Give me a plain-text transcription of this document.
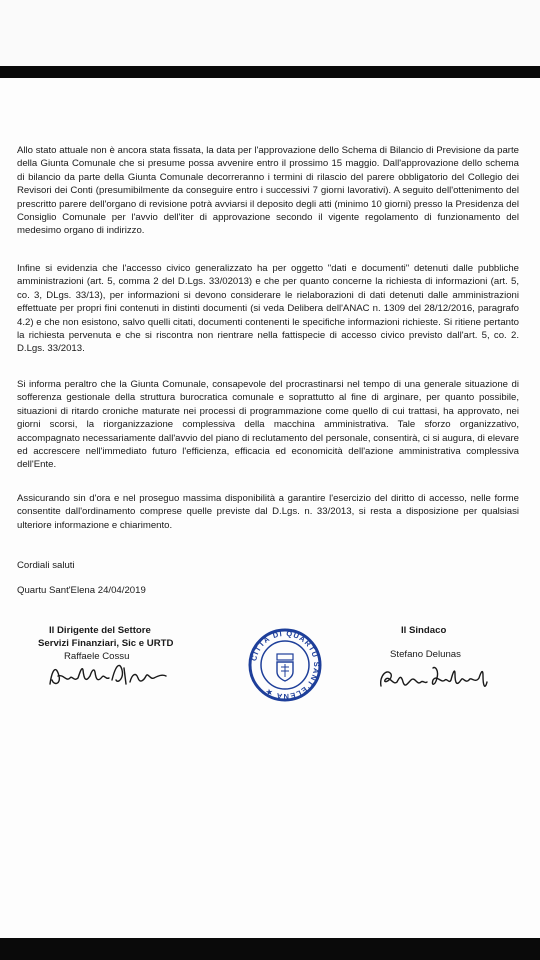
Allo stato attuale non è ancora stata fissata, la data per l'approvazione dello Schema di Bilancio di Previsione da parte della Giunta Comunale che si presume possa avvenire entro il prossimo 15 maggio. Dall'approvazione dello schema di bilancio da parte della Giunta Comunale decorreranno i termini di rilascio del parere obbligatorio del Collegio dei Revisori dei Conti (presumibilmente da conseguire entro i successivi 7 giorni lavorativi). A seguito dell'ottenimento del prescritto parere dell'organo di revisione potrà avviarsi il deposito degli atti (minimo 10 giorni) presso la Presidenza del Consiglio Comunale per l'avvio dell'iter di approvazione secondo il vigente regolamento di funzionamento del medesimo organo di indirizzo.

Infine si evidenzia che l'accesso civico generalizzato ha per oggetto "dati e documenti" detenuti dalle pubbliche amministrazioni (art. 5, comma 2 del D.Lgs. 33/02013) e che per quanto concerne la richiesta di informazioni (art. 5, co. 3, DLgs. 33/13), per informazioni si devono considerare le rielaborazioni di dati detenuti dalle amministrazioni effettuate per propri fini contenuti in distinti documenti (si veda Delibera dell'ANAC n. 1309 del 28/12/2016, paragrafo 4.2) e che non esistono, salvo quelli citati, documenti contenenti le specifiche informazioni richieste. Si ritiene pertanto la richiesta pervenuta e che si riscontra non rientrare nella fattispecie di accesso civico previsto dall'art. 5, co. 2. D.Lgs. 33/2013.

Si informa peraltro che la Giunta Comunale, consapevole del procrastinarsi nel tempo di una generale situazione di sofferenza gestionale della struttura burocratica comunale e soprattutto al fine di arginare, per quanto possibile, situazioni di ritardo croniche maturate nei processi di programmazione come quello di cui trattasi, ha approvato, nei giorni scorsi, la riorganizzazione complessiva della macchina amministrativa. Tale sforzo organizzativo, accompagnato necessariamente dall'avvio del piano di reclutamento del personale, consentirà, ci si augura, di elevare ed accrescere nell'immediato futuro l'efficienza, efficacia ed economicità dell'azione amministrativa complessiva dell'Ente.

Assicurando sin d'ora e nel proseguo massima disponibilità a garantire l'esercizio del diritto di accesso, nelle forme consentite dall'ordinamento comprese quelle previste dal D.Lgs. n. 33/2013, si resta a disposizione per qualsiasi ulteriore informazione e chiarimento.

Cordiali saluti

Quartu Sant'Elena 24/04/2019

Il Dirigente del Settore
Servizi Finanziari, Sic e URTD
Raffaele Cossu	CITTÀ DI QUARTU SANT'ELENA ★
Il Sindaco
Stefano Delunas
